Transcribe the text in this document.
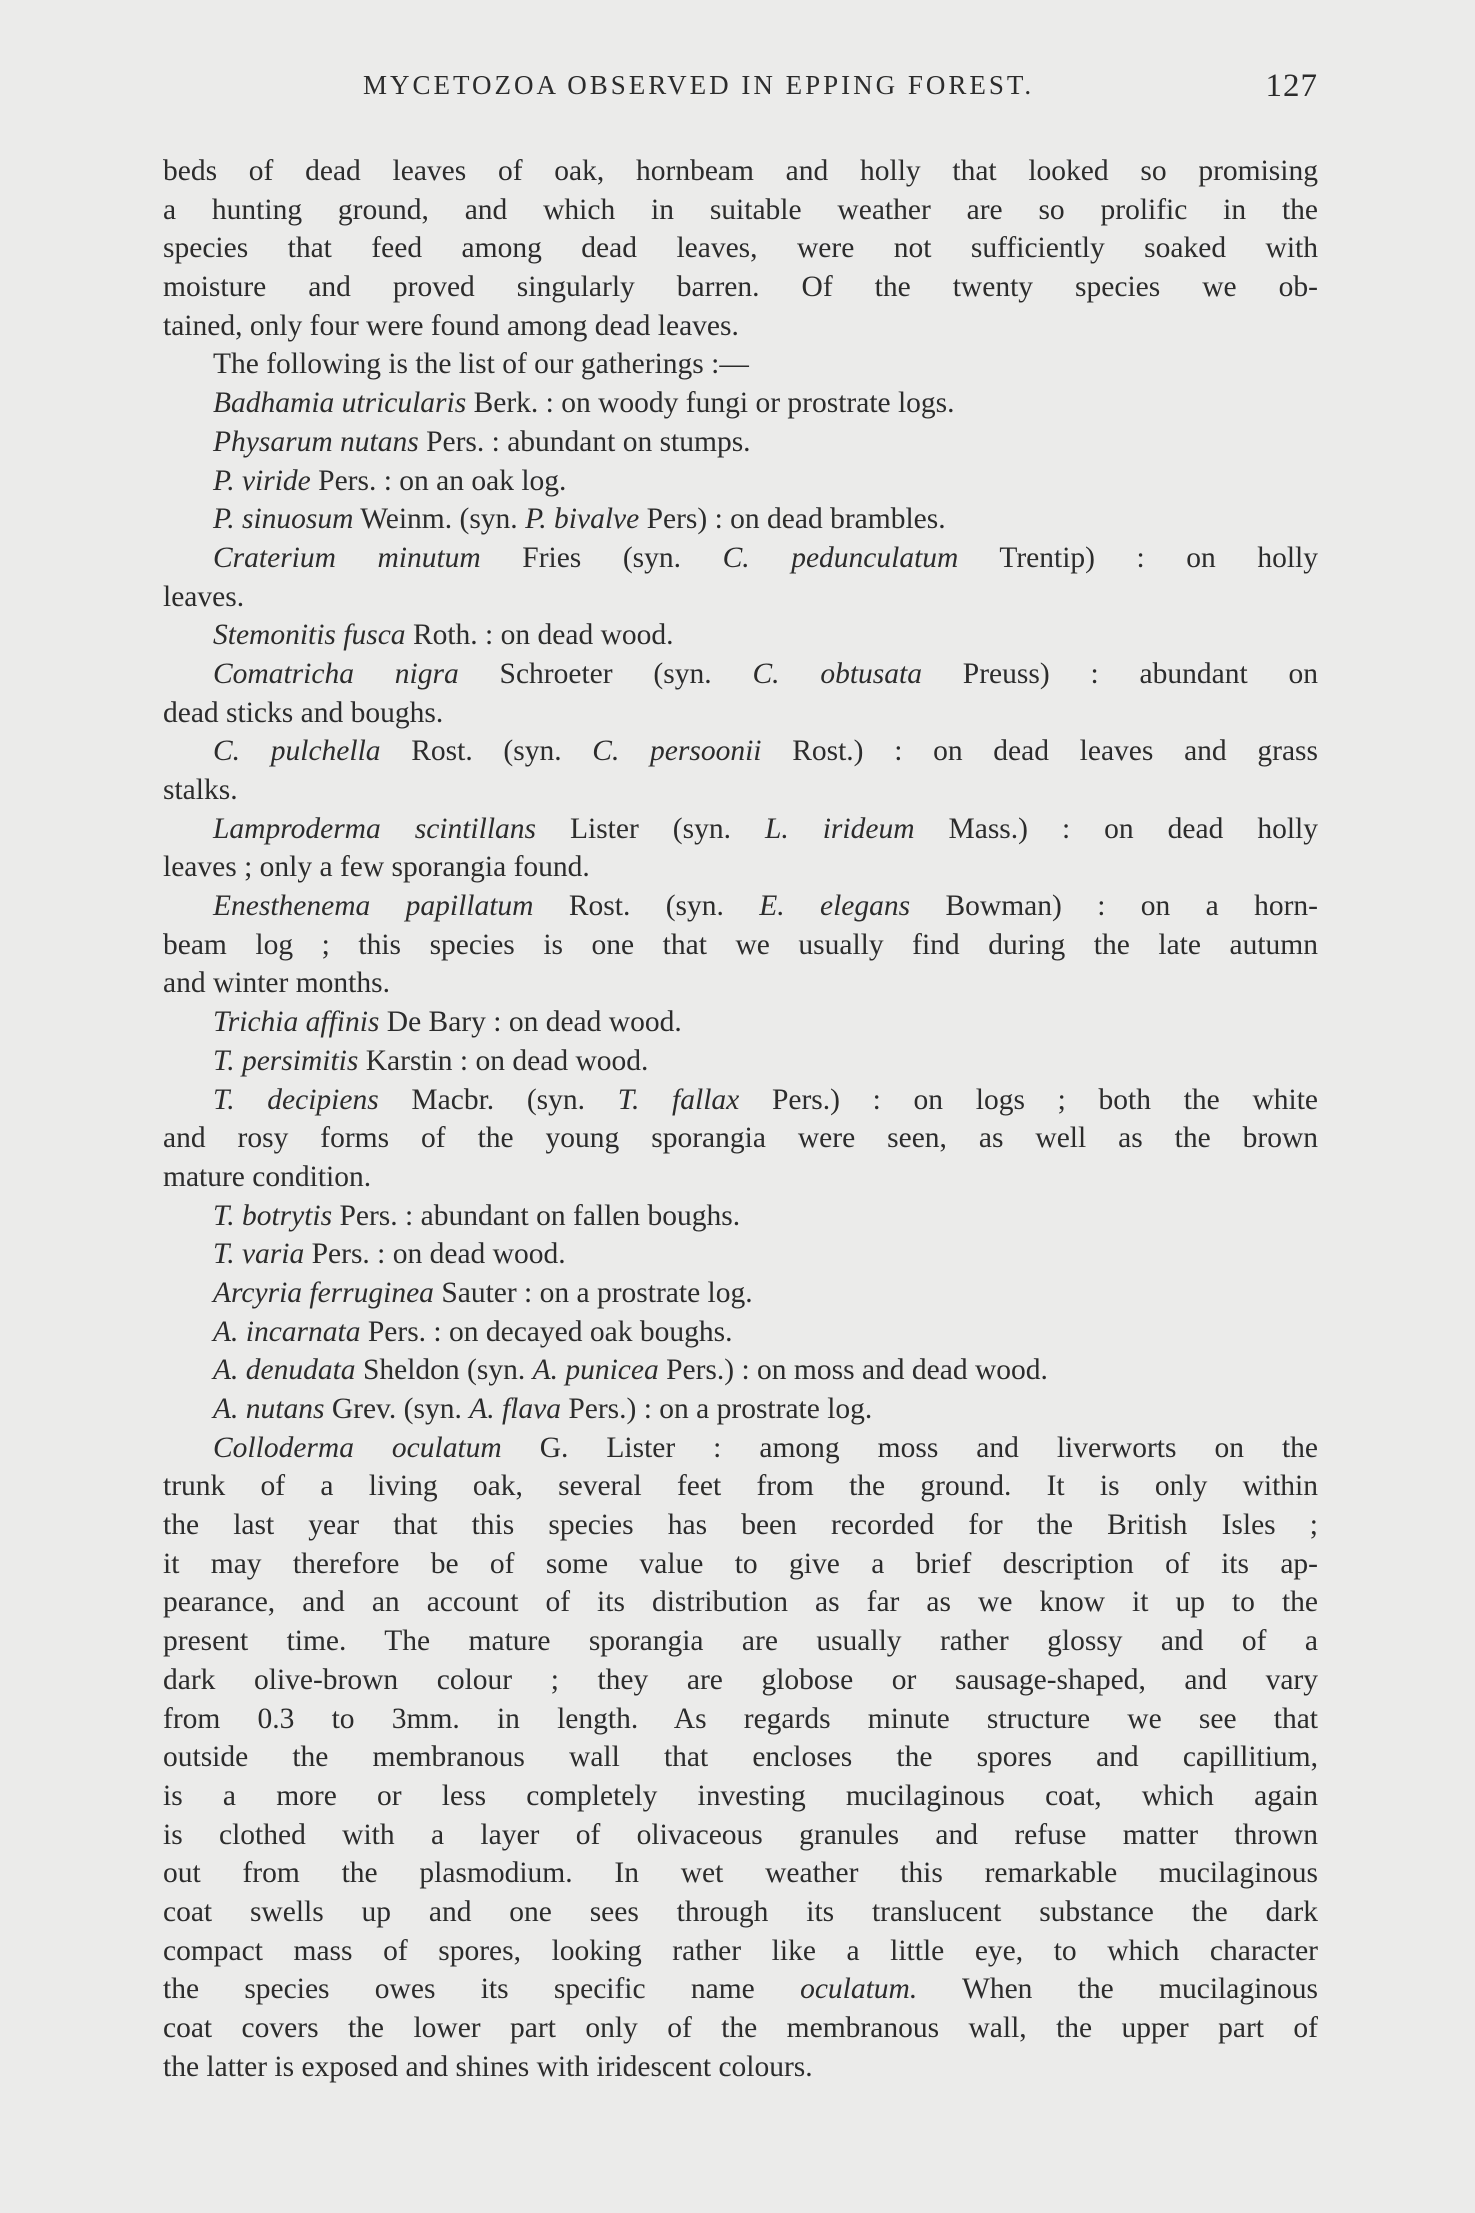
MYCETOZOA OBSERVED IN EPPING FOREST.	127
beds of dead leaves of oak, hornbeam and holly that looked so promising
a hunting ground, and which in suitable weather are so prolific in the
species that feed among dead leaves, were not sufficiently soaked with
moisture and proved singularly barren. Of the twenty species we ob-
tained, only four were found among dead leaves.
The following is the list of our gatherings :—
Badhamia utricularis Berk. : on woody fungi or prostrate logs.
Physarum nutans Pers. : abundant on stumps.
P. viride Pers. : on an oak log.
P. sinuosum Weinm. (syn. P. bivalve Pers) : on dead brambles.
Craterium minutum Fries (syn. C. pedunculatum Trentip) : on holly
leaves.
Stemonitis fusca Roth. : on dead wood.
Comatricha nigra Schroeter (syn. C. obtusata Preuss) : abundant on
dead sticks and boughs.
C. pulchella Rost. (syn. C. persoonii Rost.) : on dead leaves and grass
stalks.
Lamproderma scintillans Lister (syn. L. irideum Mass.) : on dead holly
leaves ; only a few sporangia found.
Enesthenema papillatum Rost. (syn. E. elegans Bowman) : on a horn-
beam log ; this species is one that we usually find during the late autumn
and winter months.
Trichia affinis De Bary : on dead wood.
T. persimitis Karstin : on dead wood.
T. decipiens Macbr. (syn. T. fallax Pers.) : on logs ; both the white
and rosy forms of the young sporangia were seen, as well as the brown
mature condition.
T. botrytis Pers. : abundant on fallen boughs.
T. varia Pers. : on dead wood.
Arcyria ferruginea Sauter : on a prostrate log.
A. incarnata Pers. : on decayed oak boughs.
A. denudata Sheldon (syn. A. punicea Pers.) : on moss and dead wood.
A. nutans Grev. (syn. A. flava Pers.) : on a prostrate log.
Colloderma oculatum G. Lister : among moss and liverworts on the
trunk of a living oak, several feet from the ground. It is only within
the last year that this species has been recorded for the British Isles ;
it may therefore be of some value to give a brief description of its ap-
pearance, and an account of its distribution as far as we know it up to the
present time. The mature sporangia are usually rather glossy and of a
dark olive-brown colour ; they are globose or sausage-shaped, and vary
from 0.3 to 3mm. in length. As regards minute structure we see that
outside the membranous wall that encloses the spores and capillitium,
is a more or less completely investing mucilaginous coat, which again
is clothed with a layer of olivaceous granules and refuse matter thrown
out from the plasmodium. In wet weather this remarkable mucilaginous
coat swells up and one sees through its translucent substance the dark
compact mass of spores, looking rather like a little eye, to which character
the species owes its specific name oculatum. When the mucilaginous
coat covers the lower part only of the membranous wall, the upper part of
the latter is exposed and shines with iridescent colours.
